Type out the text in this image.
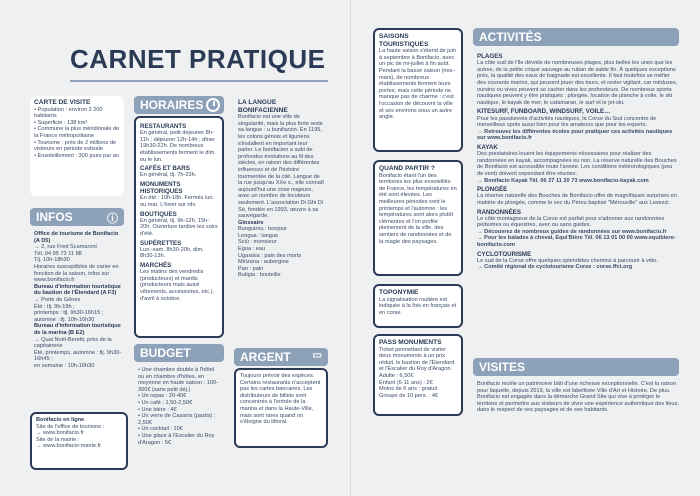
CARNET PRATIQUE
CARTE DE VISITE
• Population : environ 3 200 habitants
• Superficie : 138 km²
• Commune la plus méridionale de la France métropolitaine
• Tourisme : près de 2 millions de visiteurs en période estivale
• Ensoleillement : 300 jours par an
INFOS	ⓘ
Office de tourisme de Bonifacio (A D5)
→ 2, rue Fred Scamaroni
Tél. 04 95 73 11 88
Tlj. 10h-18h30
Horaires susceptibles de varier en fonction de la saison, infos sur www.bonifacio.fr
Bureau d'information touristique du bastion de l'Étendard (A F3)
→ Porte de Gênes
Été : tlj. 9h-19h ;
printemps : tlj. 9h30-16h15 ;
automne : tlj. 10h-16h30
Bureau d'information touristique de la marina (B E2)
→ Quai Noël-Beretti, près de la capitainerie
Été, printemps, automne : tlj. 9h30-16h45 ;
en semaine : 10h-16h30
Bonifacio en ligne
Site de l'office de tourisme :
→ www.bonifacio.fr
Site de la mairie :
→ www.bonifacio-mairie.fr
HORAIRES
RESTAURANTS
En général, petit déjeuner 8h-11h ; déjeuner 12h-14h ; dîner 19h30-22h. De nombreux établissements ferment le dim. ou le lun.
CAFÉS ET BARS
En général, tlj. 7h-23h.
MONUMENTS HISTORIQUES
En été : 10h-18h. Fermés lun. ou mar. L'hiver sur rdv.
BOUTIQUES
En général, tlj. 9h-12h, 15h-20h. Ouverture tardive les soirs d'été.
SUPÉRETTES
Lun.-sam. 8h30-20h, dim. 8h30-13h.
MARCHÉS
Les matins des vendredis (producteurs) et mardis (producteurs mais aussi vêtements, accessoires, etc.), d'avril à octobre.
BUDGET
• Une chambre double à l'hôtel ou en chambre d'hôtes, en moyenne en haute saison : 100-300€ (sans petit déj.)
• Un repas : 20-40€
• Un café : 1,50-2,50€
• Une bière : 4€
• Un verre de Casanis (pastis) : 2,50€
• Un cocktail : 10€
• Une glace à l'Escalier du Roy d'Aragon : 5€
LA LANGUE BONIFACIENNE
Bonifacio est une ville de singularité, mais la plus forte reste sa langue : u bunifazzin. En 1195, les colons génois et liguriens s'installent en important leur parler. Le bonifacien a subi de profondes évolutions au fil des siècles, en raison des différentes influences et de l'histoire tourmentée de la cité. Langue de la rue jusqu'au XXe s., elle connaît aujourd'hui une crise majeure, avec un nombre de locuteurs seulement. L'association Di Ghi Di Sè, fondée en 1993, œuvre à sa sauvegarde.
Glossaire
Bunguirnu : bonjour
Lengua : langue
Sciü : monsieur
Egua : eau
Ugaxiaia : pain des morts
Mirizana : aubergine
Pan : pain
Butigia : bouteille
ARGENT ▭
Toujours prévoir des espèces. Certains restaurants n'acceptent pas les cartes bancaires. Les distributeurs de billets sont concentrés à l'entrée de la marina et dans la Haute-Ville, mais sont rares quand on s'éloigne du littoral.
SAISONS TOURISTIQUES
La haute saison s'étend de juin à septembre à Bonifacio, avec un pic de mi-juillet à fin août. Pendant la basse saison (nov.-mars), de nombreux établissements ferment leurs portes, mais cette période ne manque pas de charme : c'est l'occasion de découvrir la ville et ses environs sous un autre angle.
QUAND PARTIR ?
Bonifacio étant l'un des territoires les plus ensoleillés de France, les températures en été sont élevées. Les meilleures périodes sont le printemps et l'automne : les températures sont alors plutôt clémentes et l'on profite pleinement de la ville, des sentiers de randonnées et de la magie des paysages.
TOPONYMIE
La signalisation routière est indiquée à la fois en français et en corse.
PASS MONUMENTS
Ticket permettant de visiter deux monuments à un prix réduit, le bastion de l'Étendard et l'Escalier du Roy d'Aragon.
Adulte : 6,50€
Enfant (6-11 ans) : 2€
Moins de 6 ans : gratuit
Groupe de 10 pers. : 4€
ACTIVITÉS
PLAGES
La côte sud de l'île dévoile de nombreuses plages, plus belles les unes que les autres, de la petite crique sauvage au ruban de sable fin. À quelques exceptions près, la qualité des eaux de baignade est excellente. Il faut toutefois se méfier des courants marins, qui peuvent jouer des tours, et rester vigilant, car méduses, oursins ou vives peuvent se cacher dans les profondeurs. De nombreux sports nautiques peuvent y être pratiqués : plongée, location de planche à voile, le ski nautique, le kayak de mer, le catamaran, le surf et le jet-ski.
KITESURF, FUNBOARD, WINDSURF, VOILE…
Pour les passionnés d'activités nautiques, la Corse du Sud concentre de merveilleux spots aussi bien pour les amateurs que pour les experts.
→ Retrouvez les différentes écoles pour pratiquer ces activités nautiques sur www.bonifacio.fr
KAYAK
Des prestataires louent les équipements nécessaires pour réaliser des randonnées en kayak, accompagnées ou non. La réserve naturelle des Bouches de Bonifacio est accessible toute l'année. Les conditions météorologiques (peu de vent) doivent cependant être réunies.
→ Bonifacio Kayak Tél. 06 27 11 20 73 www.bonifacio-kayak.com
PLONGÉE
La réserve naturelle des Bouches de Bonifacio offre de magnifiques surprises en matière de plongée, comme le sec du Pérou baptisé "Mérouville" aux Lavezzi.
RANDONNÉES
Le côté montagneux de la Corse est parfait pour s'adonner aux randonnées pédestres ou équestres, avec ou sans guides.
→ Découvrez de nombreux guides de randonnées sur www.bonifacio.fr
→ Pour les balades à cheval, Equi'Bière Tél. 06 13 01 00 00 www.equibiere-bonifacio.com
CYCLOTOURISME
Le sud de la Corse offre quelques splendides chemins à parcourir à vélo.
→ Comité régional de cyclotourisme Corse : corse.ffct.org
VISITES
Bonifacio recèle un patrimoine bâti d'une richesse exceptionnelle. C'est la raison pour laquelle, depuis 2019, la ville est labellisée Ville d'Art et Histoire. De plus, Bonifacio est engagée dans la démarche Grand Site qui vise à protéger le territoire et permettre aux visiteurs de vivre une expérience authentique des lieux, dans le respect de ses paysages et de ses habitants.
